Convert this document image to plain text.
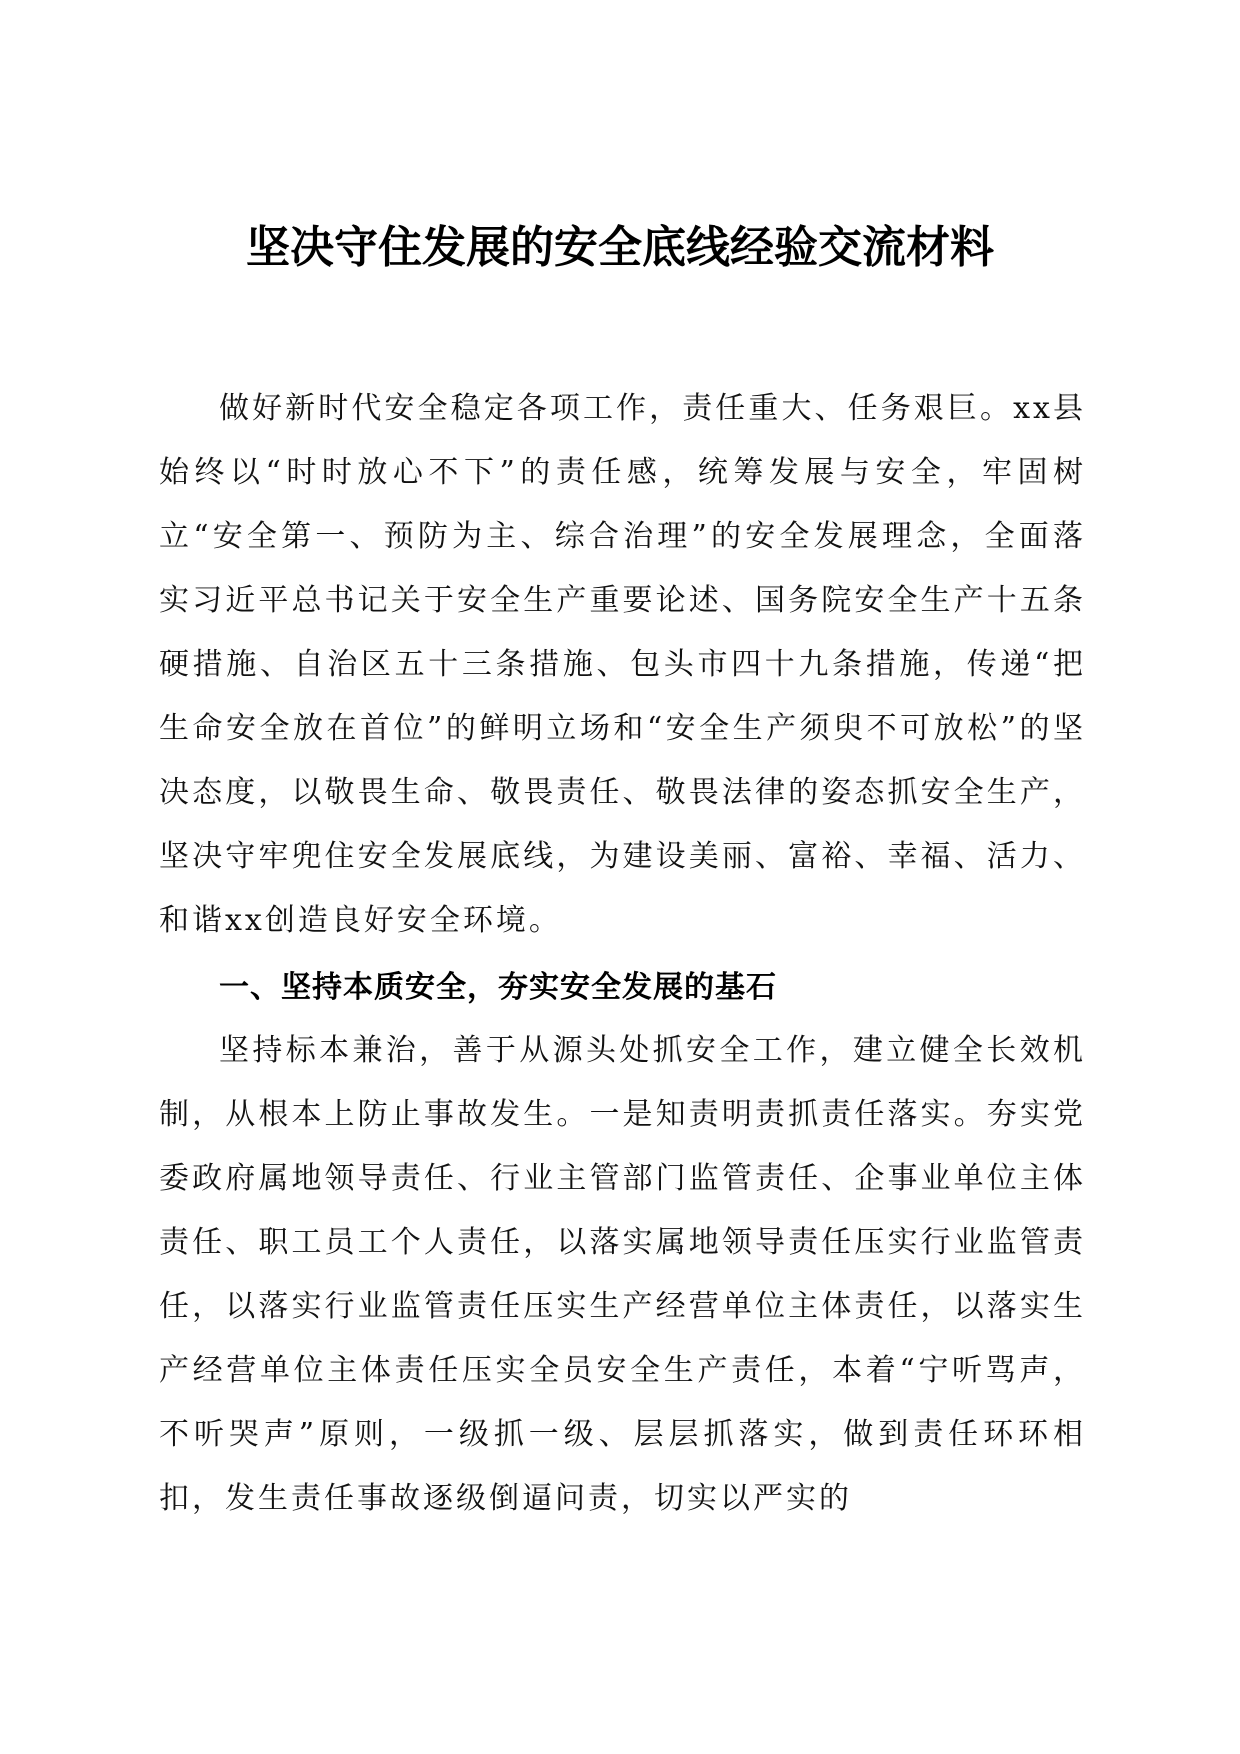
坚决守住发展的安全底线经验交流材料

做好新时代安全稳定各项工作，责任重大、任务艰巨。xx县始终以“时时放心不下”的责任感，统筹发展与安全，牢固树立“安全第一、预防为主、综合治理”的安全发展理念，全面落实习近平总书记关于安全生产重要论述、国务院安全生产十五条硬措施、自治区五十三条措施、包头市四十九条措施，传递“把生命安全放在首位”的鲜明立场和“安全生产须臾不可放松”的坚决态度，以敬畏生命、敬畏责任、敬畏法律的姿态抓安全生产，坚决守牢兜住安全发展底线，为建设美丽、富裕、幸福、活力、和谐xx创造良好安全环境。

一、坚持本质安全，夯实安全发展的基石

坚持标本兼治，善于从源头处抓安全工作，建立健全长效机制，从根本上防止事故发生。一是知责明责抓责任落实。夯实党委政府属地领导责任、行业主管部门监管责任、企事业单位主体责任、职工员工个人责任，以落实属地领导责任压实行业监管责任，以落实行业监管责任压实生产经营单位主体责任，以落实生产经营单位主体责任压实全员安全生产责任，本着“宁听骂声，不听哭声”原则，一级抓一级、层层抓落实，做到责任环环相扣，发生责任事故逐级倒逼问责，切实以严实的
